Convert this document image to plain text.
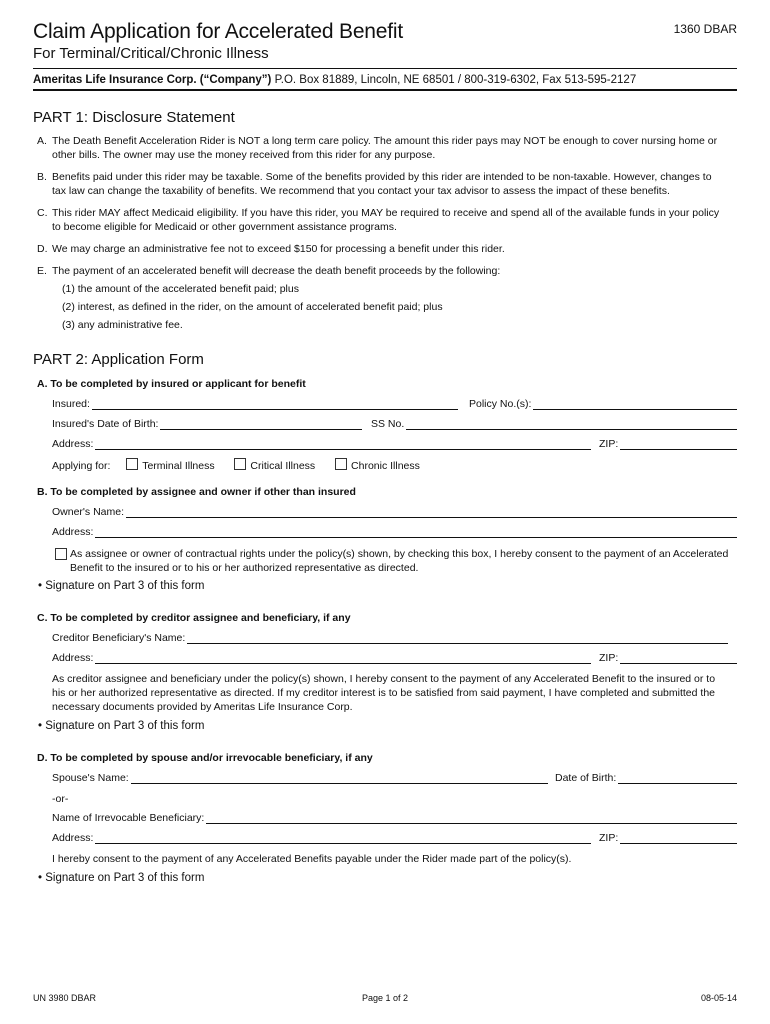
Claim Application for Accelerated Benefit	1360 DBAR
For Terminal/Critical/Chronic Illness
Ameritas Life Insurance Corp. (“Company”) P.O. Box 81889, Lincoln, NE 68501 / 800-319-6302, Fax 513-595-2127
PART 1: Disclosure Statement
A. The Death Benefit Acceleration Rider is NOT a long term care policy. The amount this rider pays may NOT be enough to cover nursing home or
other bills. The owner may use the money received from this rider for any purpose.
B. Benefits paid under this rider may be taxable. Some of the benefits provided by this rider are intended to be non-taxable. However, changes to
tax law can change the taxability of benefits. We recommend that you contact your tax advisor to assess the impact of these benefits.
C. This rider MAY affect Medicaid eligibility. If you have this rider, you MAY be required to receive and spend all of the available funds in your policy
to become eligible for Medicaid or other government assistance programs.
D. We may charge an administrative fee not to exceed $150 for processing a benefit under this rider.
E. The payment of an accelerated benefit will decrease the death benefit proceeds by the following:
(1) the amount of the accelerated benefit paid; plus
(2) interest, as defined in the rider, on the amount of accelerated benefit paid; plus
(3) any administrative fee.
PART 2: Application Form
A. To be completed by insured or applicant for benefit
Insured:	Policy No.(s):
Insured's Date of Birth:	SS No.
Address:	ZIP:
Applying for:	Terminal Illness	Critical Illness	Chronic Illness
B. To be completed by assignee and owner if other than insured
Owner's Name:
Address:
As assignee or owner of contractual rights under the policy(s) shown, by checking this box, I hereby consent to the payment of an Accelerated
Benefit to the insured or to his or her authorized representative as directed.
• Signature on Part 3 of this form
C. To be completed by creditor assignee and beneficiary, if any
Creditor Beneficiary's Name:
Address:	ZIP:
As creditor assignee and beneficiary under the policy(s) shown, I hereby consent to the payment of any Accelerated Benefit to the insured or to
his or her authorized representative as directed. If my creditor interest is to be satisfied from said payment, I have completed and submitted the
necessary documents provided by Ameritas Life Insurance Corp.
• Signature on Part 3 of this form
D. To be completed by spouse and/or irrevocable beneficiary, if any
Spouse's Name:	Date of Birth:
-or-
Name of Irrevocable Beneficiary:
Address:	ZIP:
I hereby consent to the payment of any Accelerated Benefits payable under the Rider made part of the policy(s).
• Signature on Part 3 of this form
UN 3980 DBAR	Page 1 of 2	08-05-14
